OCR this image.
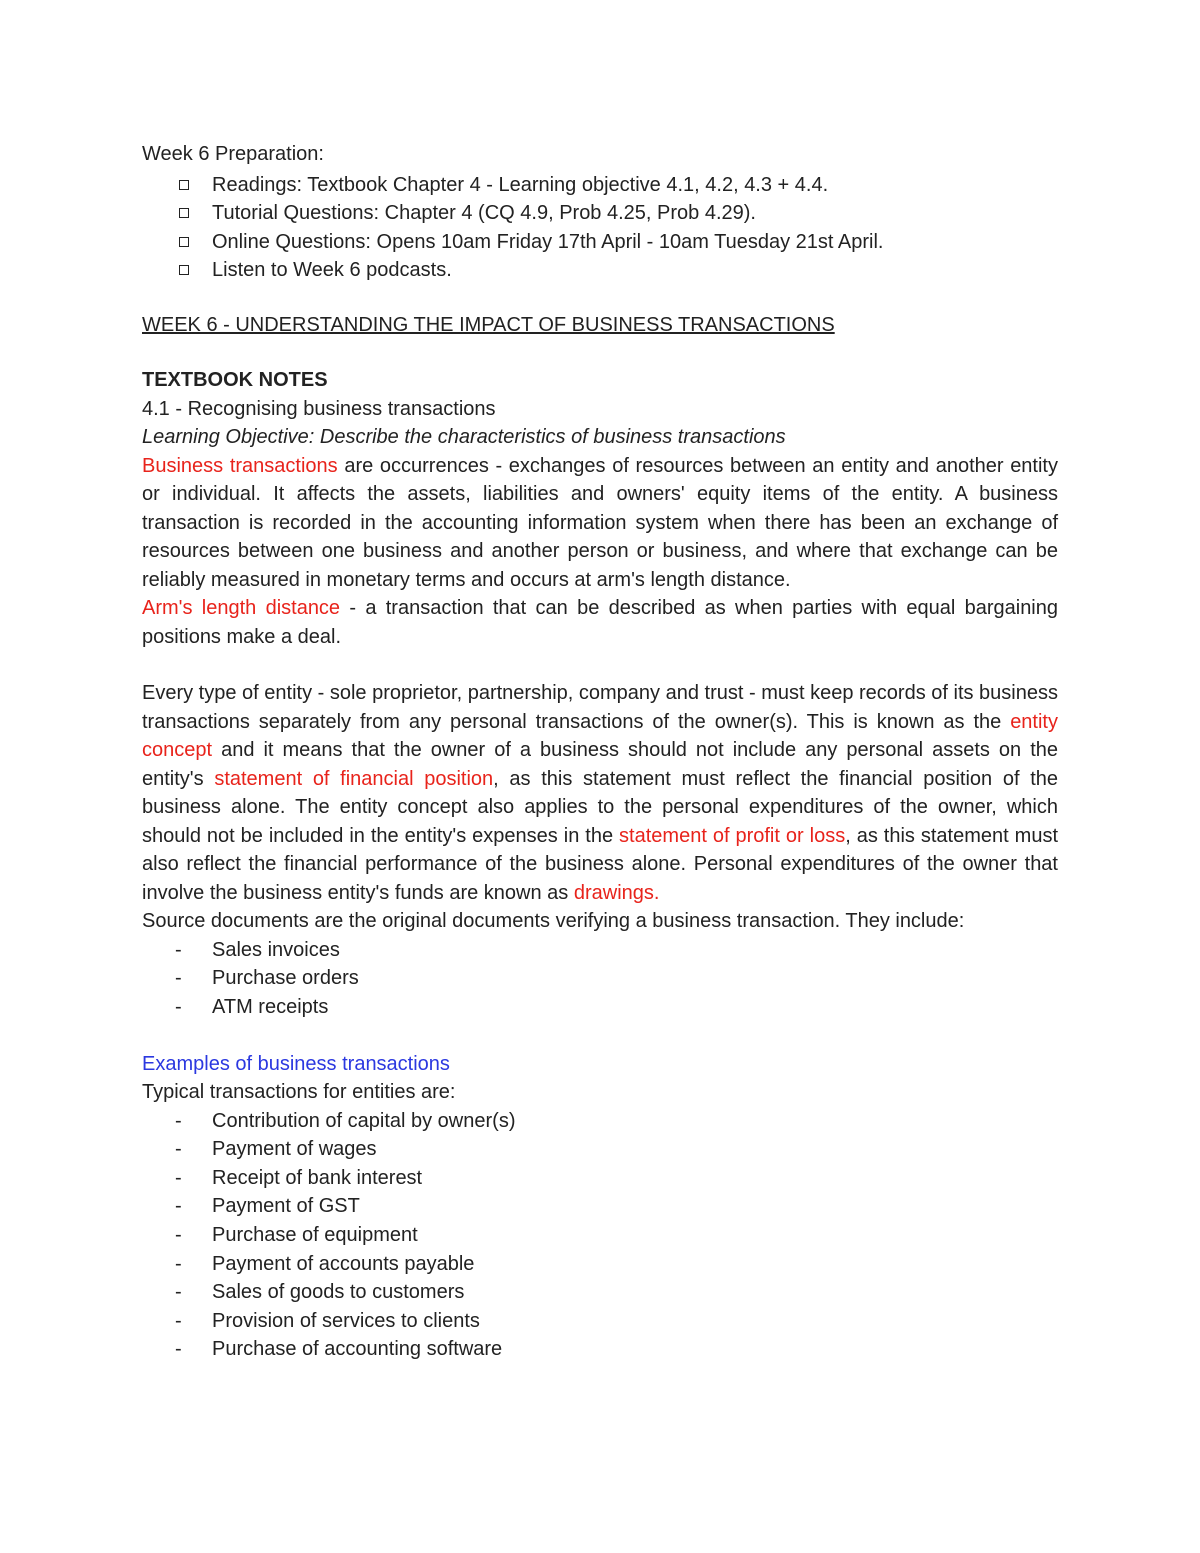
Week 6 Preparation:
Readings: Textbook Chapter 4 - Learning objective 4.1, 4.2, 4.3 + 4.4.
Tutorial Questions: Chapter 4 (CQ 4.9, Prob 4.25, Prob 4.29).
Online Questions: Opens 10am Friday 17th April - 10am Tuesday 21st April.
Listen to Week 6 podcasts.
WEEK 6 - UNDERSTANDING THE IMPACT OF BUSINESS TRANSACTIONS
TEXTBOOK NOTES
4.1 - Recognising business transactions
Learning Objective: Describe the characteristics of business transactions
Business transactions are occurrences - exchanges of resources between an entity and another entity or individual. It affects the assets, liabilities and owners' equity items of the entity. A business transaction is recorded in the accounting information system when there has been an exchange of resources between one business and another person or business, and where that exchange can be reliably measured in monetary terms and occurs at arm's length distance.
Arm's length distance - a transaction that can be described as when parties with equal bargaining positions make a deal.
Every type of entity - sole proprietor, partnership, company and trust - must keep records of its business transactions separately from any personal transactions of the owner(s). This is known as the entity concept and it means that the owner of a business should not include any personal assets on the entity's statement of financial position, as this statement must reflect the financial position of the business alone. The entity concept also applies to the personal expenditures of the owner, which should not be included in the entity's expenses in the statement of profit or loss, as this statement must also reflect the financial performance of the business alone. Personal expenditures of the owner that involve the business entity's funds are known as drawings.
Source documents are the original documents verifying a business transaction. They include:
- Sales invoices
- Purchase orders
- ATM receipts
Examples of business transactions
Typical transactions for entities are:
- Contribution of capital by owner(s)
- Payment of wages
- Receipt of bank interest
- Payment of GST
- Purchase of equipment
- Payment of accounts payable
- Sales of goods to customers
- Provision of services to clients
- Purchase of accounting software
